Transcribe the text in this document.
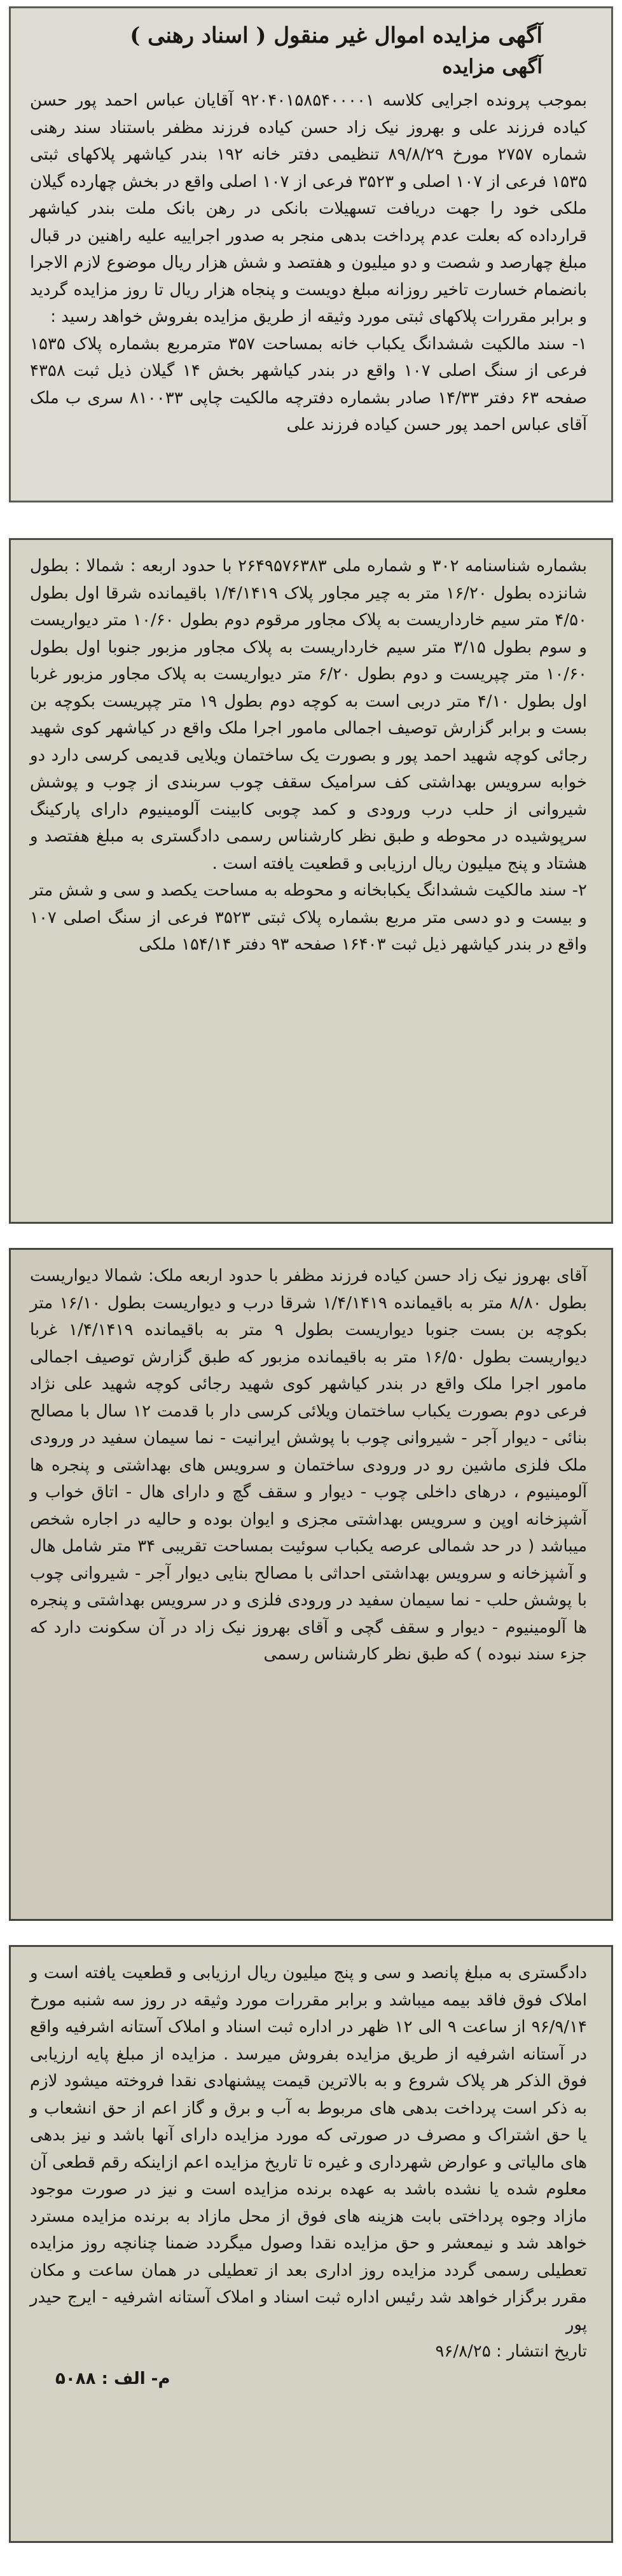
آگهی مزایده اموال غیر منقول ( اسناد رهنی )
آگهی مزایده

بموجب پرونده اجرایی کلاسه ۹۲۰۴۰۱۵۸۵۴۰۰۰۰۱ آقایان عباس احمد پور حسن کیاده فرزند علی و بهروز نیک زاد حسن کیاده فرزند مظفر باستناد سند رهنی شماره ۲۷۵۷ مورخ ۸۹/۸/۲۹ تنظیمی دفتر خانه ۱۹۲ بندر کیاشهر پلاکهای ثبتی ۱۵۳۵ فرعی از ۱۰۷ اصلی و ۳۵۲۳ فرعی از ۱۰۷ اصلی واقع در بخش چهارده گیلان ملکی خود را جهت دریافت تسهیلات بانکی در رهن بانک ملت بندر کیاشهر قرارداده که بعلت عدم پرداخت بدهی منجر به صدور اجراییه علیه راهنین در قبال مبلغ چهارصد و شصت و دو میلیون و هفتصد و شش هزار ریال موضوع لازم الاجرا بانضمام خسارت تاخیر روزانه مبلغ دویست و پنجاه هزار ریال تا روز مزایده گردید و برابر مقررات پلاکهای ثبتی مورد وثیقه از طریق مزایده بفروش خواهد رسید :

۱- سند مالکیت ششدانگ یکباب خانه بمساحت ۳۵۷ مترمربع بشماره پلاک ۱۵۳۵ فرعی از سنگ اصلی ۱۰۷ واقع در بندر کیاشهر بخش ۱۴ گیلان ذیل ثبت ۴۳۵۸ صفحه ۶۳ دفتر ۱۴/۳۳ صادر بشماره دفترچه مالکیت چاپی ۸۱۰۰۳۳ سری ب ملک آقای عباس احمد پور حسن کیاده فرزند علی

بشماره شناسنامه ۳۰۲ و شماره ملی ۲۶۴۹۵۷۶۳۸۳ با حدود اربعه : شمالا : بطول شانزده بطول ۱۶/۲۰ متر به چیر مجاور پلاک ۱/۴/۱۴۱۹ باقیمانده شرقا اول بطول ۴/۵۰ متر سیم خارداریست به پلاک مجاور مرقوم دوم بطول ۱۰/۶۰ متر دیواریست و سوم بطول ۳/۱۵ متر سیم خارداریست به پلاک مجاور مزبور جنوبا اول بطول ۱۰/۶۰ متر چپریست و دوم بطول ۶/۲۰ متر دیواریست به پلاک مجاور مزبور غربا اول بطول ۴/۱۰ متر دربی است به کوچه دوم بطول ۱۹ متر چپریست بکوچه بن بست و برابر گزارش توصیف اجمالی مامور اجرا ملک واقع در کیاشهر کوی شهید رجائی کوچه شهید احمد پور و بصورت یک ساختمان ویلایی قدیمی کرسی دارد دو خوابه سرویس بهداشتی کف سرامیک سقف چوب سربندی از چوب و پوشش شیروانی از حلب درب ورودی و کمد چوبی کابینت آلومینیوم دارای پارکینگ سرپوشیده در محوطه و طبق نظر کارشناس رسمی دادگستری به مبلغ هفتصد و هشتاد و پنج میلیون ریال ارزیابی و قطعیت یافته است .

۲- سند مالکیت ششدانگ یکبابخانه و محوطه به مساحت یکصد و سی و شش متر و بیست و دو دسی متر مربع بشماره پلاک ثبتی ۳۵۲۳ فرعی از سنگ اصلی ۱۰۷ واقع در بندر کیاشهر ذیل ثبت ۱۶۴۰۳ صفحه ۹۳ دفتر ۱۵۴/۱۴ ملکی

آقای بهروز نیک زاد حسن کیاده فرزند مظفر با حدود اربعه ملک: شمالا دیواریست بطول ۸/۸۰ متر به باقیمانده ۱/۴/۱۴۱۹ شرقا درب و دیواریست بطول ۱۶/۱۰ متر بکوچه بن بست جنوبا دیواریست بطول ۹ متر به باقیمانده ۱/۴/۱۴۱۹ غربا دیواریست بطول ۱۶/۵۰ متر به باقیمانده مزبور که طبق گزارش توصیف اجمالی مامور اجرا ملک واقع در بندر کیاشهر کوی شهید رجائی کوچه شهید علی نژاد فرعی دوم بصورت یکباب ساختمان ویلائی کرسی دار با قدمت ۱۲ سال با مصالح بنائی - دیوار آجر - شیروانی چوب با پوشش ایرانیت - نما سیمان سفید در ورودی ملک فلزی ماشین رو در ورودی ساختمان و سرویس های بهداشتی و پنجره ها آلومینیوم ، درهای داخلی چوب - دیوار و سقف گچ و دارای هال - اتاق خواب و آشپزخانه اوپن و سرویس بهداشتی مجزی و ایوان بوده و حالیه در اجاره شخص میباشد ( در حد شمالی عرصه یکباب سوئیت بمساحت تقریبی ۳۴ متر شامل هال و آشپزخانه و سرویس بهداشتی احداثی با مصالح بنایی دیوار آجر - شیروانی چوب با پوشش حلب - نما سیمان سفید در ورودی فلزی و در سرویس بهداشتی و پنجره ها آلومینیوم - دیوار و سقف گچی و آقای بهروز نیک زاد در آن سکونت دارد که جزء سند نبوده ) که طبق نظر کارشناس رسمی

دادگستری به مبلغ پانصد و سی و پنج میلیون ریال ارزیابی و قطعیت یافته است و املاک فوق فاقد بیمه میباشد و برابر مقررات مورد وثیقه در روز سه شنبه مورخ ۹۶/۹/۱۴ از ساعت ۹ الی ۱۲ ظهر در اداره ثبت اسناد و املاک آستانه اشرفیه واقع در آستانه اشرفیه از طریق مزایده بفروش میرسد . مزایده از مبلغ پایه ارزیابی فوق الذکر هر پلاک شروع و به بالاترین قیمت پیشنهادی نقدا فروخته میشود لازم به ذکر است پرداخت بدهی های مربوط به آب و برق و گاز اعم از حق انشعاب و یا حق اشتراک و مصرف در صورتی که مورد مزایده دارای آنها باشد و نیز بدهی های مالیاتی و عوارض شهرداری و غیره تا تاریخ مزایده اعم ازاینکه رقم قطعی آن معلوم شده یا نشده باشد به عهده برنده مزایده است و نیز در صورت موجود مازاد وجوه پرداختی بابت هزینه های فوق از محل مازاد به برنده مزایده مسترد خواهد شد و نیمعشر و حق مزایده نقدا وصول میگردد ضمنا چنانچه روز مزایده تعطیلی رسمی گردد مزایده روز اداری بعد از تعطیلی در همان ساعت و مکان مقرر برگزار خواهد شد رئیس اداره ثبت اسناد و املاک آستانه اشرفیه - ایرج حیدر پور

تاریخ انتشار : ۹۶/۸/۲۵

م- الف : ۵۰۸۸
